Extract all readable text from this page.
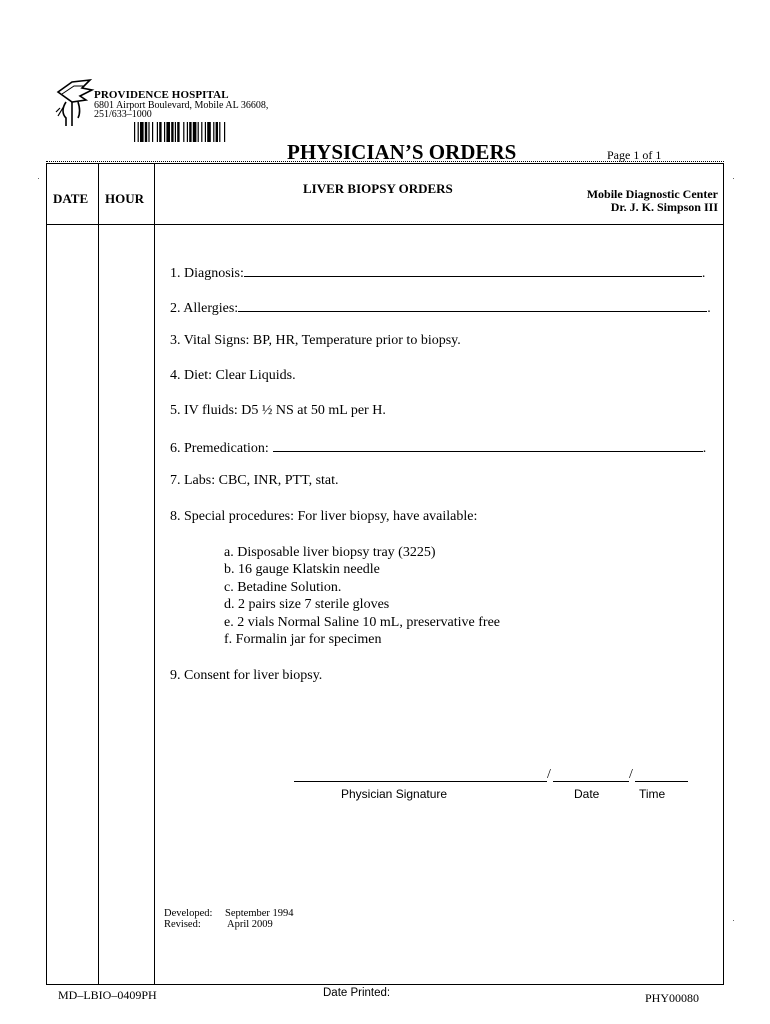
PROVIDENCE HOSPITAL
6801 Airport Boulevard, Mobile AL 36608,
251/633–1000
PHYSICIAN’S ORDERS	Page 1 of 1
DATE HOUR
LIVER BIOPSY ORDERS	Mobile Diagnostic Center
Dr. J. K. Simpson III
1. Diagnosis:	.
2. Allergies:	.
3. Vital Signs: BP, HR, Temperature prior to biopsy.
4. Diet: Clear Liquids.
5. IV fluids: D5 ½ NS at 50 mL per H.
6. Premedication:	.
7. Labs: CBC, INR, PTT, stat.
8. Special procedures: For liver biopsy, have available:
a. Disposable liver biopsy tray (3225)
b. 16 gauge Klatskin needle
c. Betadine Solution.
d. 2 pairs size 7 sterile gloves
e. 2 vials Normal Saline 10 mL, preservative free
f. Formalin jar for specimen
9. Consent for liver biopsy.
/	/
Physician Signature	Date	Time
Developed: September 1994
Revised:	April 2009
MD–LBIO–0409PH	Date Printed:	PHY00080
